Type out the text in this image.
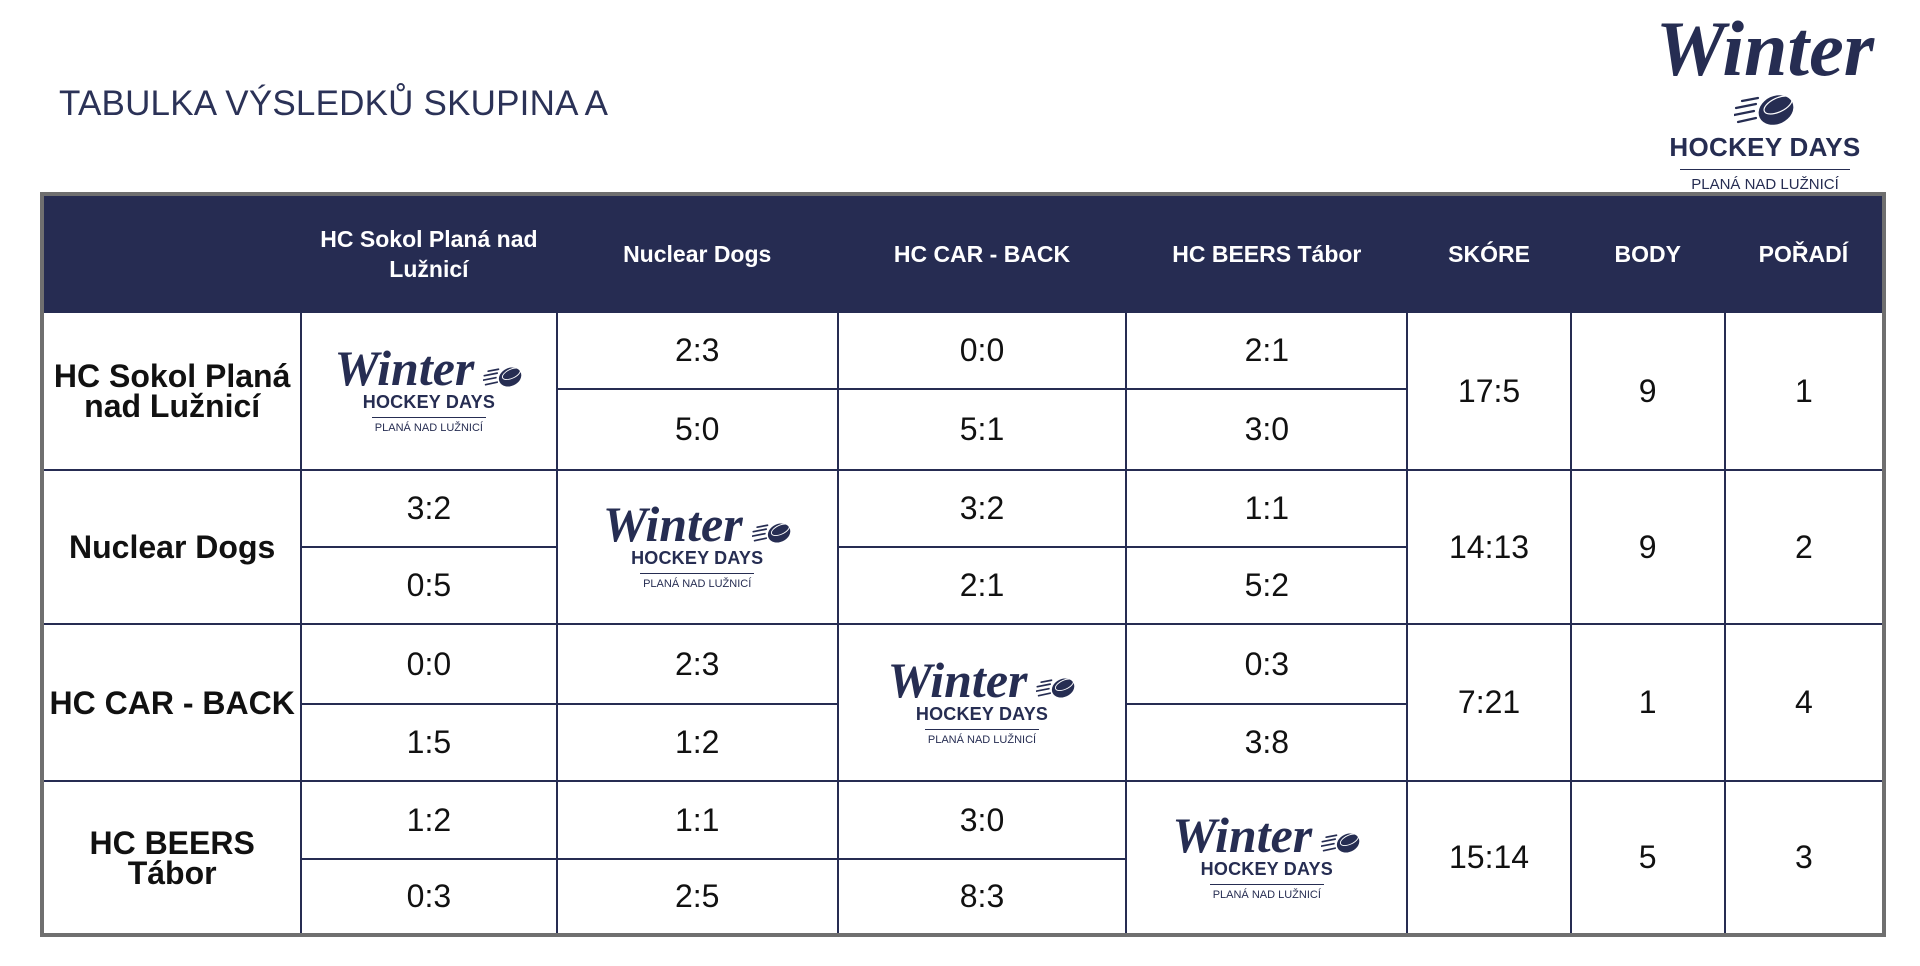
TABULKA VÝSLEDKŮ SKUPINA A
Winter
HOCKEY DAYS
PLANÁ NAD LUŽNICÍ
	HC Sokol Planá nad Lužnicí	Nuclear Dogs	HC CAR - BACK	HC BEERS Tábor	SKÓRE	BODY	POŘADÍ
HC Sokol Planá nad Lužnicí	Winter
HOCKEY DAYS
PLANÁ NAD LUŽNICÍ	2:3	0:0	2:1	17:5	9	1
		5:0	5:1	3:0			
Nuclear Dogs	3:2	Winter
HOCKEY DAYS
PLANÁ NAD LUŽNICÍ	3:2	1:1	14:13	9	2
	0:5		2:1	5:2			
HC CAR - BACK	0:0	2:3	Winter
HOCKEY DAYS
PLANÁ NAD LUŽNICÍ	0:3	7:21	1	4
	1:5	1:2		3:8			
HC BEERS Tábor	1:2	1:1	3:0	Winter
HOCKEY DAYS
PLANÁ NAD LUŽNICÍ	15:14	5	3
	0:3	2:5	8:3				
